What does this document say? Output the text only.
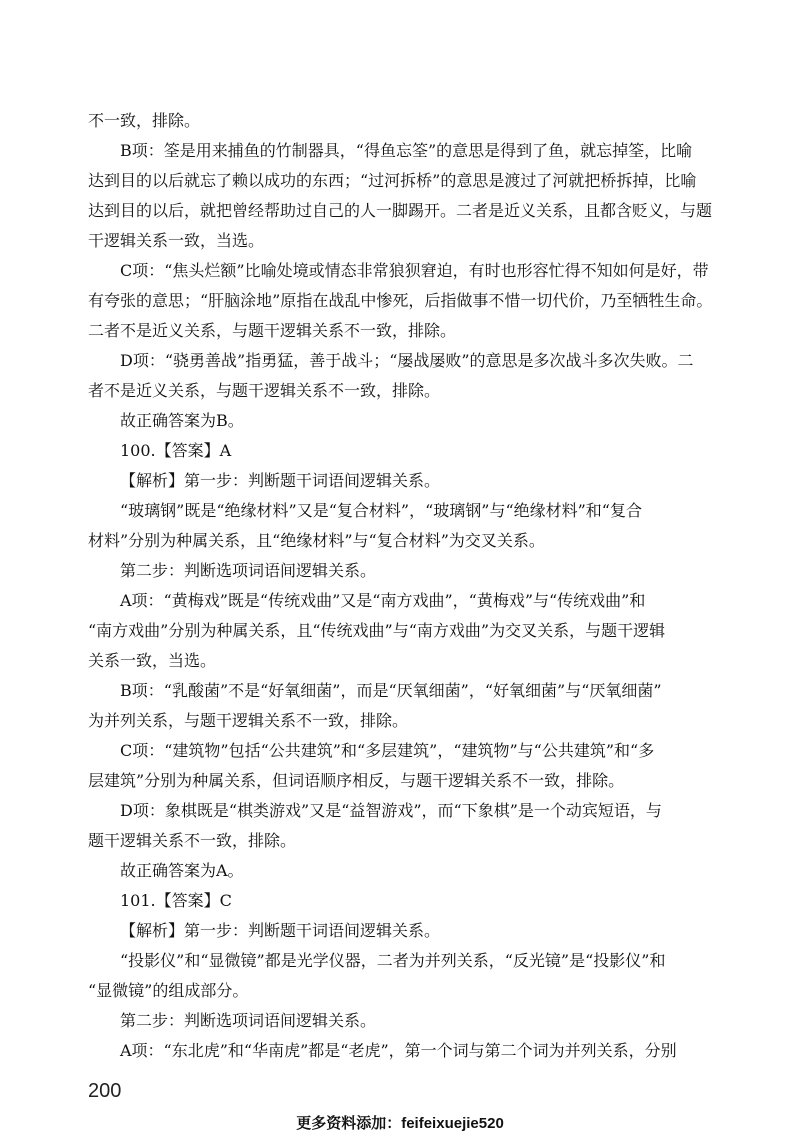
不一致，排除。
B项：筌是用来捕鱼的竹制器具，“得鱼忘筌”的意思是得到了鱼，就忘掉筌，比喻
达到目的以后就忘了赖以成功的东西；“过河拆桥”的意思是渡过了河就把桥拆掉，比喻
达到目的以后，就把曾经帮助过自己的人一脚踢开。二者是近义关系，且都含贬义，与题
干逻辑关系一致，当选。
C项：“焦头烂额”比喻处境或情态非常狼狈窘迫，有时也形容忙得不知如何是好，带
有夸张的意思；“肝脑涂地”原指在战乱中惨死，后指做事不惜一切代价，乃至牺牲生命。
二者不是近义关系，与题干逻辑关系不一致，排除。
D项：“骁勇善战”指勇猛，善于战斗；“屡战屡败”的意思是多次战斗多次失败。二
者不是近义关系，与题干逻辑关系不一致，排除。
故正确答案为B。
100.【答案】A
【解析】第一步：判断题干词语间逻辑关系。
“玻璃钢”既是“绝缘材料”又是“复合材料”，“玻璃钢”与“绝缘材料”和“复合
材料”分别为种属关系，且“绝缘材料”与“复合材料”为交叉关系。
第二步：判断选项词语间逻辑关系。
A项：“黄梅戏”既是“传统戏曲”又是“南方戏曲”，“黄梅戏”与“传统戏曲”和
“南方戏曲”分别为种属关系，且“传统戏曲”与“南方戏曲”为交叉关系，与题干逻辑
关系一致，当选。
B项：“乳酸菌”不是“好氧细菌”，而是“厌氧细菌”，“好氧细菌”与“厌氧细菌”
为并列关系，与题干逻辑关系不一致，排除。
C项：“建筑物”包括“公共建筑”和“多层建筑”，“建筑物”与“公共建筑”和“多
层建筑”分别为种属关系，但词语顺序相反，与题干逻辑关系不一致，排除。
D项：象棋既是“棋类游戏”又是“益智游戏”，而“下象棋”是一个动宾短语，与
题干逻辑关系不一致，排除。
故正确答案为A。
101.【答案】C
【解析】第一步：判断题干词语间逻辑关系。
“投影仪”和“显微镜”都是光学仪器，二者为并列关系，“反光镜”是“投影仪”和
“显微镜”的组成部分。
第二步：判断选项词语间逻辑关系。
A项：“东北虎”和“华南虎”都是“老虎”，第一个词与第二个词为并列关系，分别
200
更多资料添加：feifeixuejie520
